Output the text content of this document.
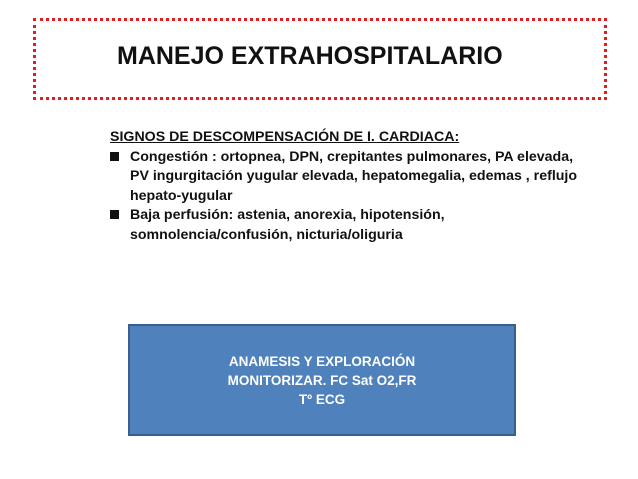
MANEJO EXTRAHOSPITALARIO
SIGNOS DE DESCOMPENSACIÓN DE I. CARDIACA:
Congestión : ortopnea, DPN, crepitantes pulmonares, PA elevada, PV ingurgitación yugular elevada, hepatomegalia, edemas , reflujo hepato-yugular
Baja perfusión: astenia, anorexia, hipotensión, somnolencia/confusión, nicturia/oliguria
ANAMESIS Y EXPLORACIÓN
MONITORIZAR. FC Sat O2,FR
Tº ECG
